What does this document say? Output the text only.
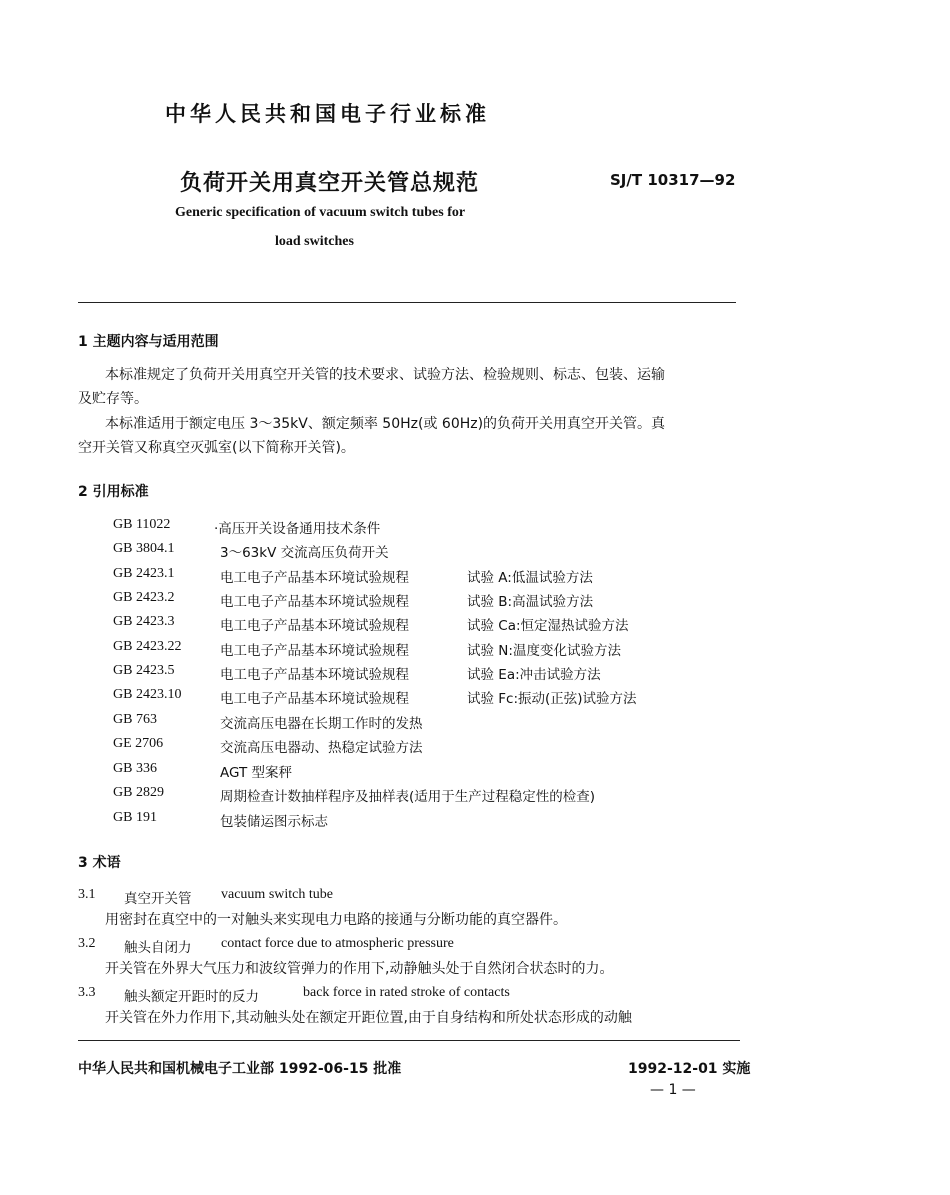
中华人民共和国电子行业标准
负荷开关用真空开关管总规范	SJ/T 10317—92
Generic specification of vacuum switch tubes for
load switches
1 主题内容与适用范围
本标准规定了负荷开关用真空开关管的技术要求、试验方法、检验规则、标志、包装、运输
及贮存等。
本标准适用于额定电压 3～35kV、额定频率 50Hz(或 60Hz)的负荷开关用真空开关管。真
空开关管又称真空灭弧室(以下简称开关管)。
2 引用标准
GB 11022	·高压开关设备通用技术条件
GB 3804.1	3～63kV 交流高压负荷开关
GB 2423.1	电工电子产品基本环境试验规程	试验 A:低温试验方法
GB 2423.2	电工电子产品基本环境试验规程	试验 B:高温试验方法
GB 2423.3	电工电子产品基本环境试验规程	试验 Ca:恒定湿热试验方法
GB 2423.22	电工电子产品基本环境试验规程	试验 N:温度变化试验方法
GB 2423.5	电工电子产品基本环境试验规程	试验 Ea:冲击试验方法
GB 2423.10	电工电子产品基本环境试验规程	试验 Fc:振动(正弦)试验方法
GB 763	交流高压电器在长期工作时的发热
GE 2706	交流高压电器动、热稳定试验方法
GB 336	AGT 型案秤
GB 2829	周期检查计数抽样程序及抽样表(适用于生产过程稳定性的检查)
GB 191	包装储运图示标志
3 术语
3.1 真空开关管 vacuum switch tube
用密封在真空中的一对触头来实现电力电路的接通与分断功能的真空器件。
3.2 触头自闭力 contact force due to atmospheric pressure
开关管在外界大气压力和波纹管弹力的作用下,动静触头处于自然闭合状态时的力。
3.3 触头额定开距时的反力	back force in rated stroke of contacts
开关管在外力作用下,其动触头处在额定开距位置,由于自身结构和所处状态形成的动触
中华人民共和国机械电子工业部 1992-06-15 批准	1992-12-01 实施
— 1 —
